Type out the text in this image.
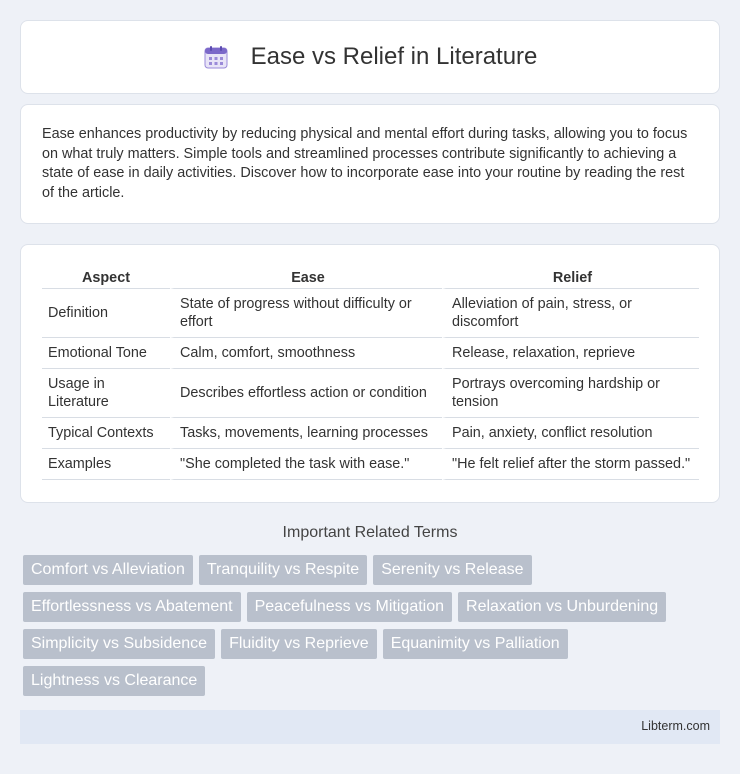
Ease vs Relief in Literature

Ease enhances productivity by reducing physical and mental effort during tasks, allowing you to focus on what truly matters. Simple tools and streamlined processes contribute significantly to achieving a state of ease in daily activities. Discover how to incorporate ease into your routine by reading the rest of the article.

Aspect	Ease	Relief
Definition	State of progress without difficulty or effort	Alleviation of pain, stress, or discomfort
Emotional Tone	Calm, comfort, smoothness	Release, relaxation, reprieve
Usage in Literature	Describes effortless action or condition	Portrays overcoming hardship or tension
Typical Contexts	Tasks, movements, learning processes	Pain, anxiety, conflict resolution
Examples	"She completed the task with ease."	"He felt relief after the storm passed."
Important Related Terms
Comfort vs Alleviation	Tranquility vs Respite	Serenity vs Release
Effortlessness vs Abatement	Peacefulness vs Mitigation	Relaxation vs Unburdening
Simplicity vs Subsidence	Fluidity vs Reprieve	Equanimity vs Palliation
Lightness vs Clearance
Libterm.com
